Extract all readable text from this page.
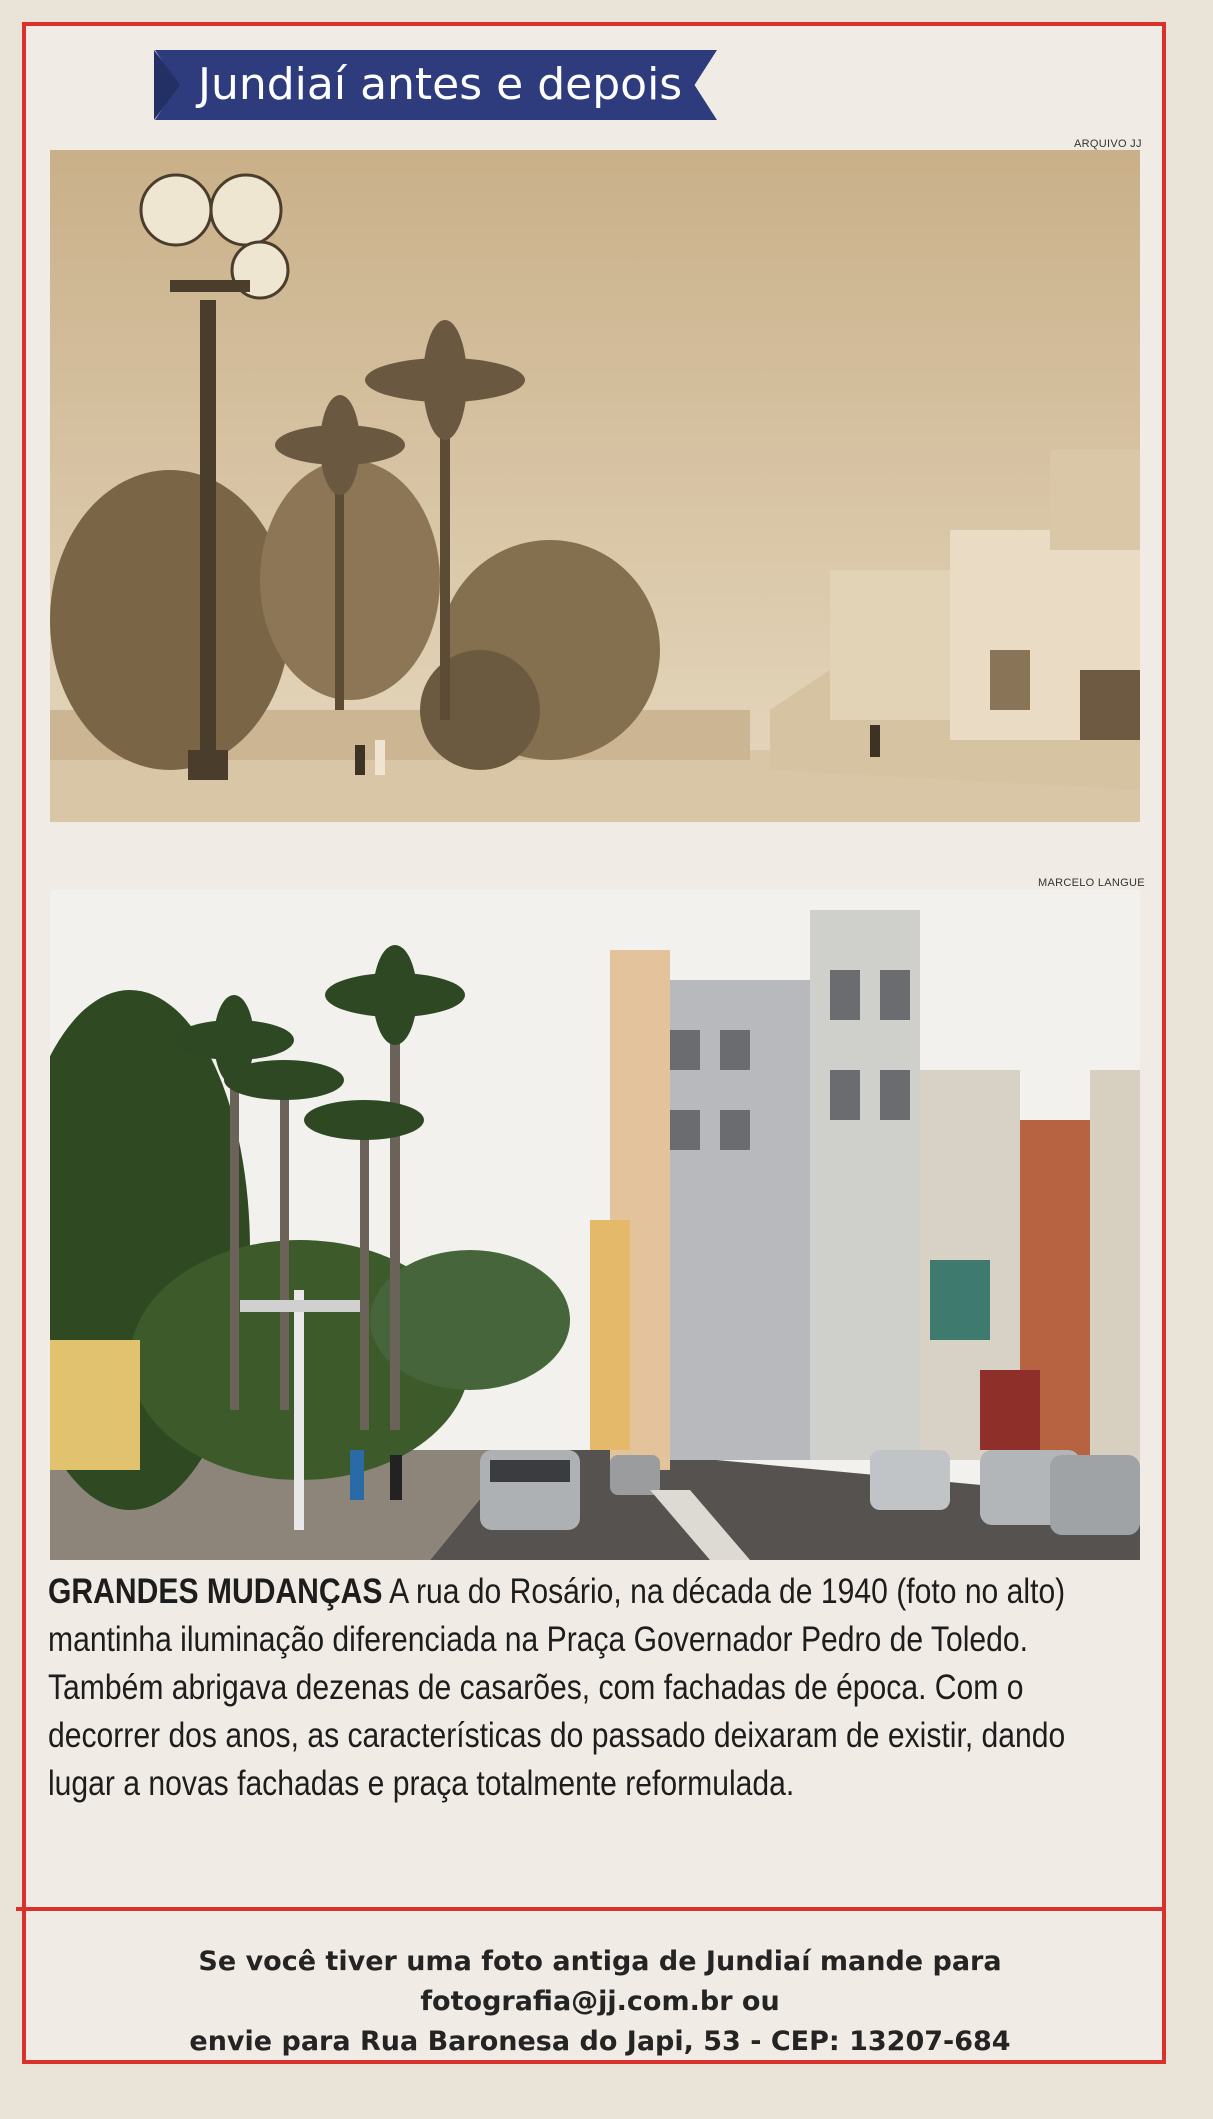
Jundiaí antes e depois
ARQUIVO JJ
MARCELO LANGUE
GRANDES MUDANÇAS A rua do Rosário, na década de 1940 (foto no alto) mantinha iluminação diferenciada na Praça Governador Pedro de Toledo. Também abrigava dezenas de casarões, com fachadas de época. Com o decorrer dos anos, as características do passado deixaram de existir, dando lugar a novas fachadas e praça totalmente reformulada.
Se você tiver uma foto antiga de Jundiaí mande para fotografia@jj.com.br ou
envie para Rua Baronesa do Japi, 53 - CEP: 13207-684
